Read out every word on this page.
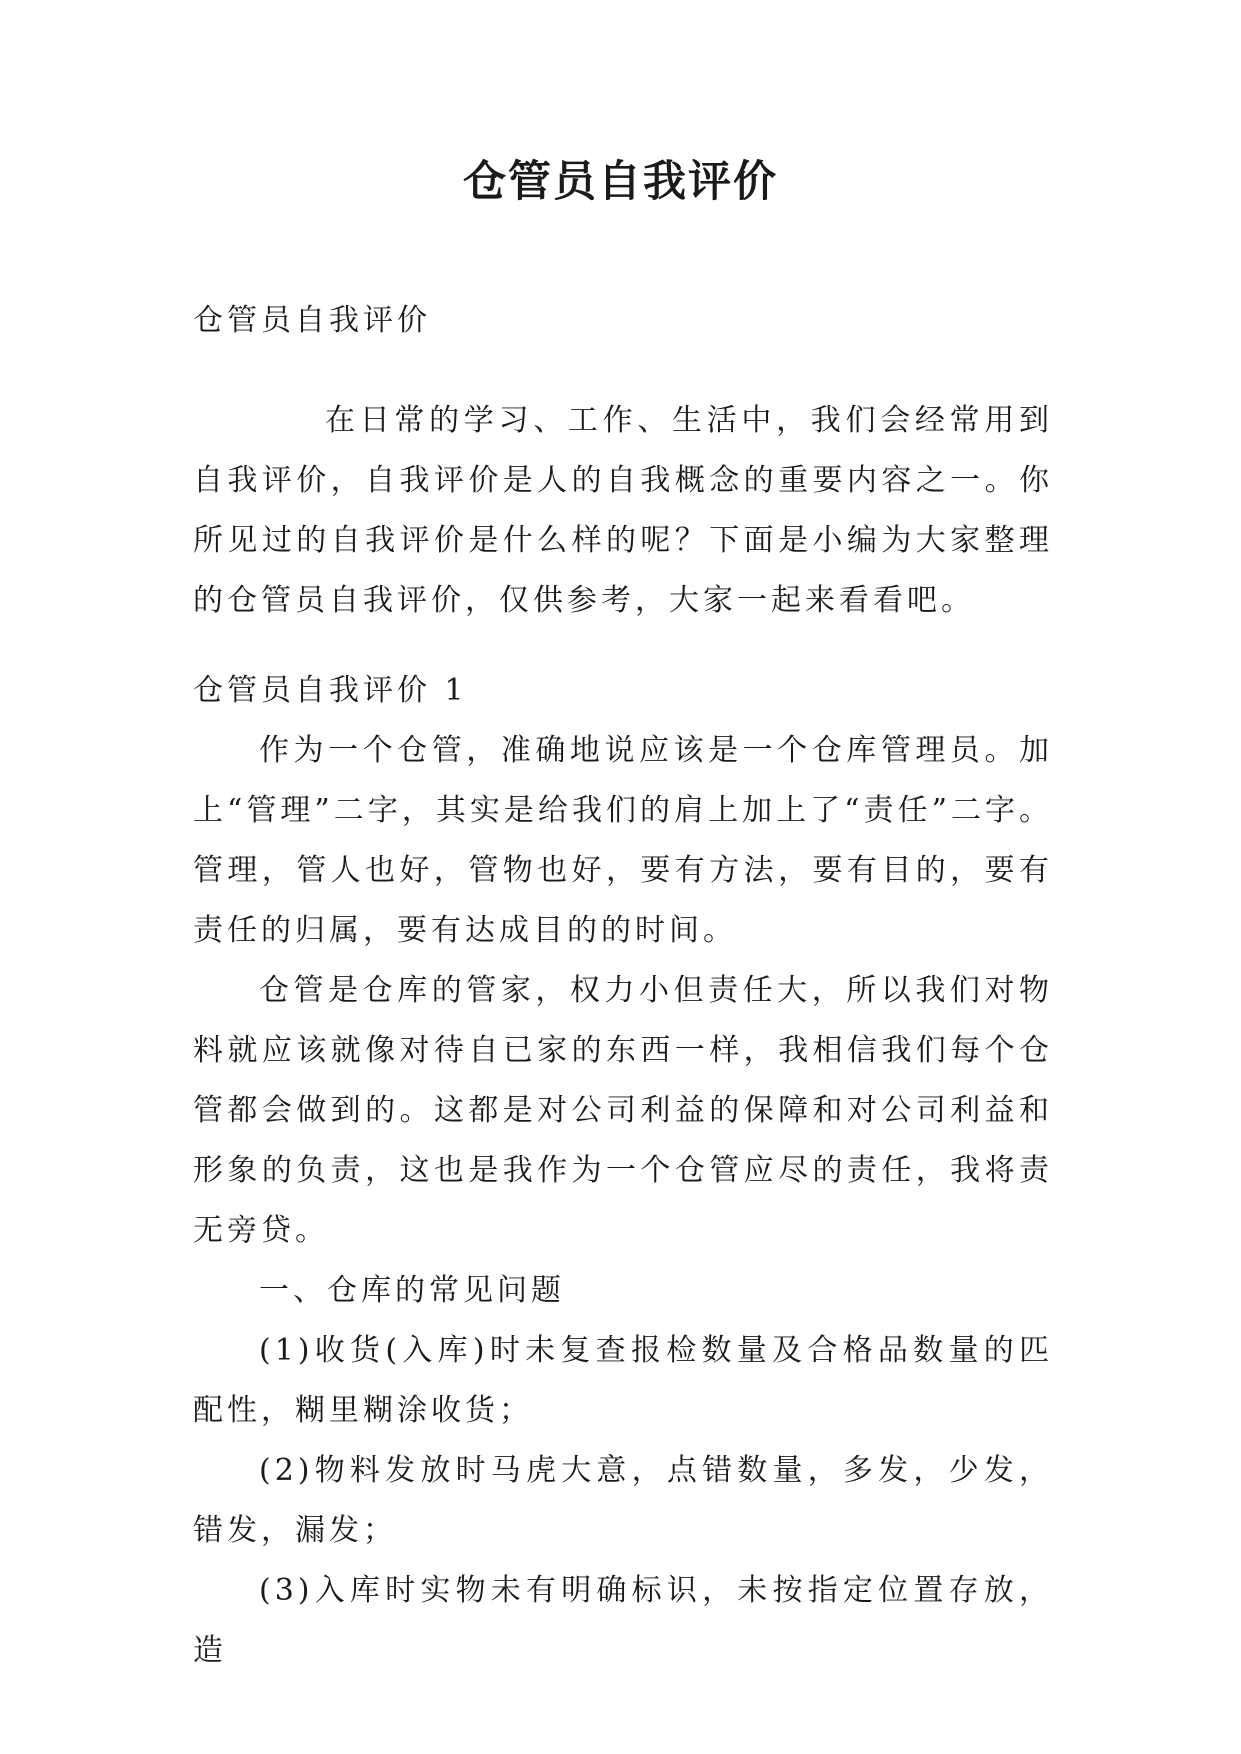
仓管员自我评价

仓管员自我评价

在日常的学习、工作、生活中，我们会经常用到自我评价，自我评价是人的自我概念的重要内容之一。你所见过的自我评价是什么样的呢？下面是小编为大家整理的仓管员自我评价，仅供参考，大家一起来看看吧。

仓管员自我评价 1

作为一个仓管，准确地说应该是一个仓库管理员。加上“管理”二字，其实是给我们的肩上加上了“责任”二字。管理，管人也好，管物也好，要有方法，要有目的，要有责任的归属，要有达成目的的时间。

仓管是仓库的管家，权力小但责任大，所以我们对物料就应该就像对待自已家的东西一样，我相信我们每个仓管都会做到的。这都是对公司利益的保障和对公司利益和形象的负责，这也是我作为一个仓管应尽的责任，我将责无旁贷。

一、仓库的常见问题

(1)收货(入库)时未复查报检数量及合格品数量的匹配性，糊里糊涂收货；

(2)物料发放时马虎大意，点错数量，多发，少发，错发，漏发；

(3)入库时实物未有明确标识，未按指定位置存放，造
